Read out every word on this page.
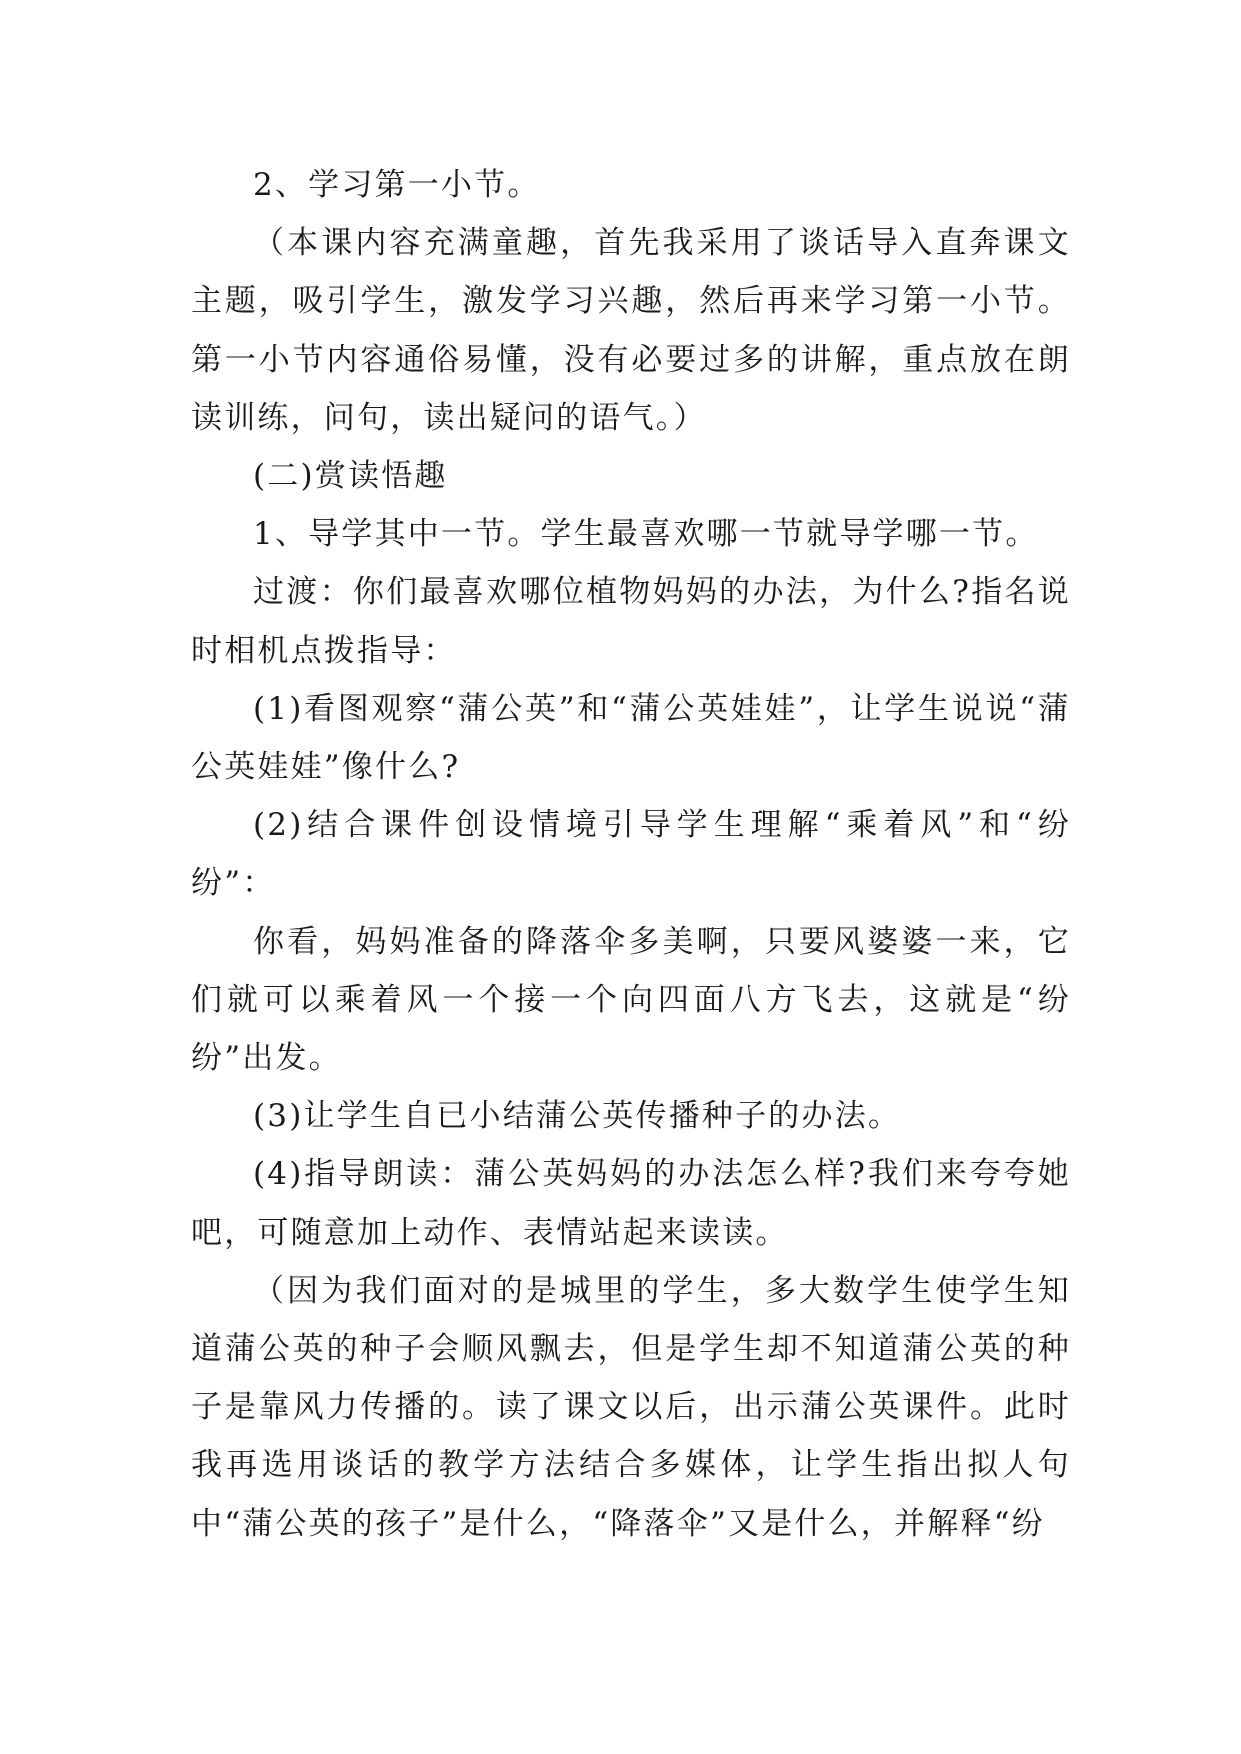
2、学习第一小节。

（本课内容充满童趣，首先我采用了谈话导入直奔课文主题，吸引学生，激发学习兴趣，然后再来学习第一小节。第一小节内容通俗易懂，没有必要过多的讲解，重点放在朗读训练，问句，读出疑问的语气。）

(二)赏读悟趣

1、导学其中一节。学生最喜欢哪一节就导学哪一节。

过渡：你们最喜欢哪位植物妈妈的办法，为什么?指名说时相机点拨指导：

(1)看图观察“蒲公英”和“蒲公英娃娃”，让学生说说“蒲公英娃娃”像什么?

(2)结合课件创设情境引导学生理解“乘着风”和“纷纷”：

你看，妈妈准备的降落伞多美啊，只要风婆婆一来，它们就可以乘着风一个接一个向四面八方飞去，这就是“纷纷”出发。

(3)让学生自已小结蒲公英传播种子的办法。

(4)指导朗读：蒲公英妈妈的办法怎么样?我们来夸夸她吧，可随意加上动作、表情站起来读读。

（因为我们面对的是城里的学生，多大数学生使学生知道蒲公英的种子会顺风飘去，但是学生却不知道蒲公英的种子是靠风力传播的。读了课文以后，出示蒲公英课件。此时我再选用谈话的教学方法结合多媒体，让学生指出拟人句中“蒲公英的孩子”是什么，“降落伞”又是什么，并解释“纷
